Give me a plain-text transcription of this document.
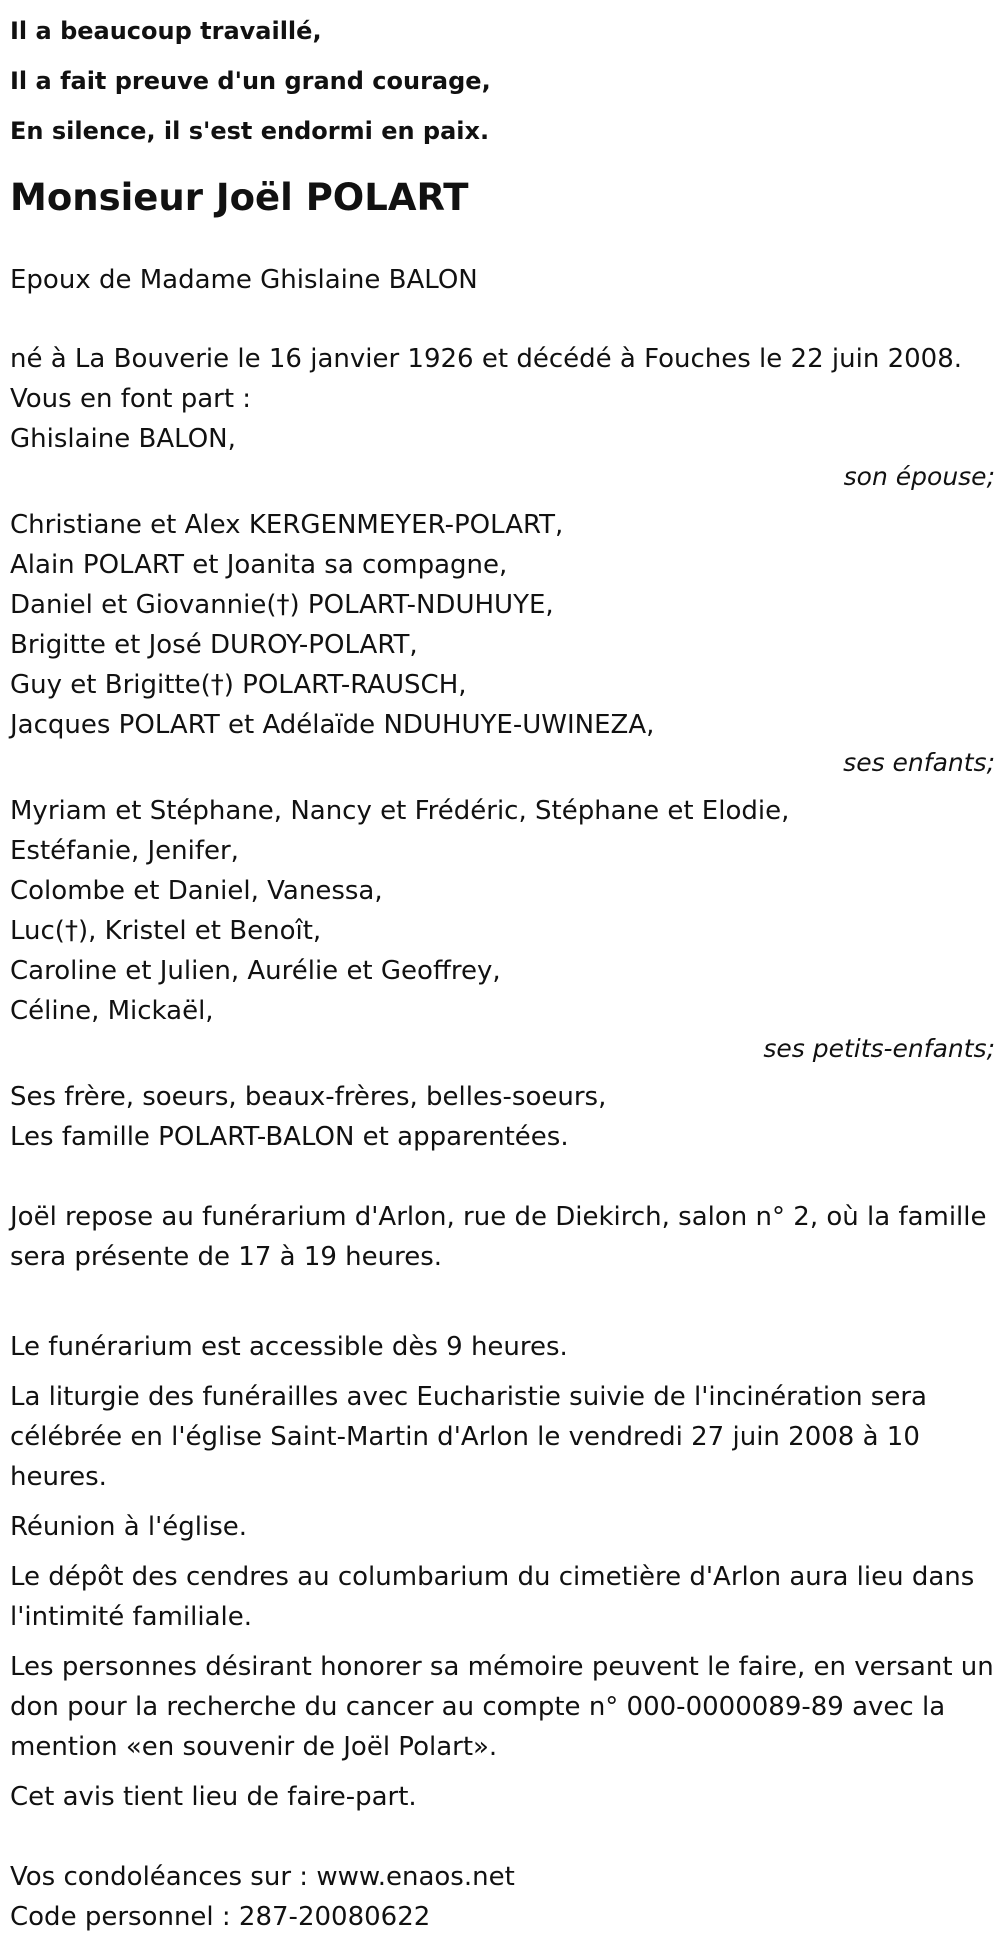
Il a beaucoup travaillé,

Il a fait preuve d'un grand courage,

En silence, il s'est endormi en paix.

Monsieur Joël POLART

Epoux de Madame Ghislaine BALON

né à La Bouverie le 16 janvier 1926 et décédé à Fouches le 22 juin 2008.

Vous en font part :

Ghislaine BALON,

son épouse;

Christiane et Alex KERGENMEYER-POLART,

Alain POLART et Joanita sa compagne,

Daniel et Giovannie(†) POLART-NDUHUYE,

Brigitte et José DUROY-POLART,

Guy et Brigitte(†) POLART-RAUSCH,

Jacques POLART et Adélaïde NDUHUYE-UWINEZA,

ses enfants;

Myriam et Stéphane, Nancy et Frédéric, Stéphane et Elodie,

Estéfanie, Jenifer,

Colombe et Daniel, Vanessa,

Luc(†), Kristel et Benoît,

Caroline et Julien, Aurélie et Geoffrey,

Céline, Mickaël,

ses petits-enfants;

Ses frère, soeurs, beaux-frères, belles-soeurs,

Les famille POLART-BALON et apparentées.

Joël repose au funérarium d'Arlon, rue de Diekirch, salon n° 2, où la famille sera présente de 17 à 19 heures.

Le funérarium est accessible dès 9 heures.

La liturgie des funérailles avec Eucharistie suivie de l'incinération sera célébrée en l'église Saint-Martin d'Arlon le vendredi 27 juin 2008 à 10 heures.

Réunion à l'église.

Le dépôt des cendres au columbarium du cimetière d'Arlon aura lieu dans l'intimité familiale.

Les personnes désirant honorer sa mémoire peuvent le faire, en versant un don pour la recherche du cancer au compte n° 000-0000089-89 avec la mention «en souvenir de Joël Polart».

Cet avis tient lieu de faire-part.

Vos condoléances sur : www.enaos.net

Code personnel : 287-20080622
